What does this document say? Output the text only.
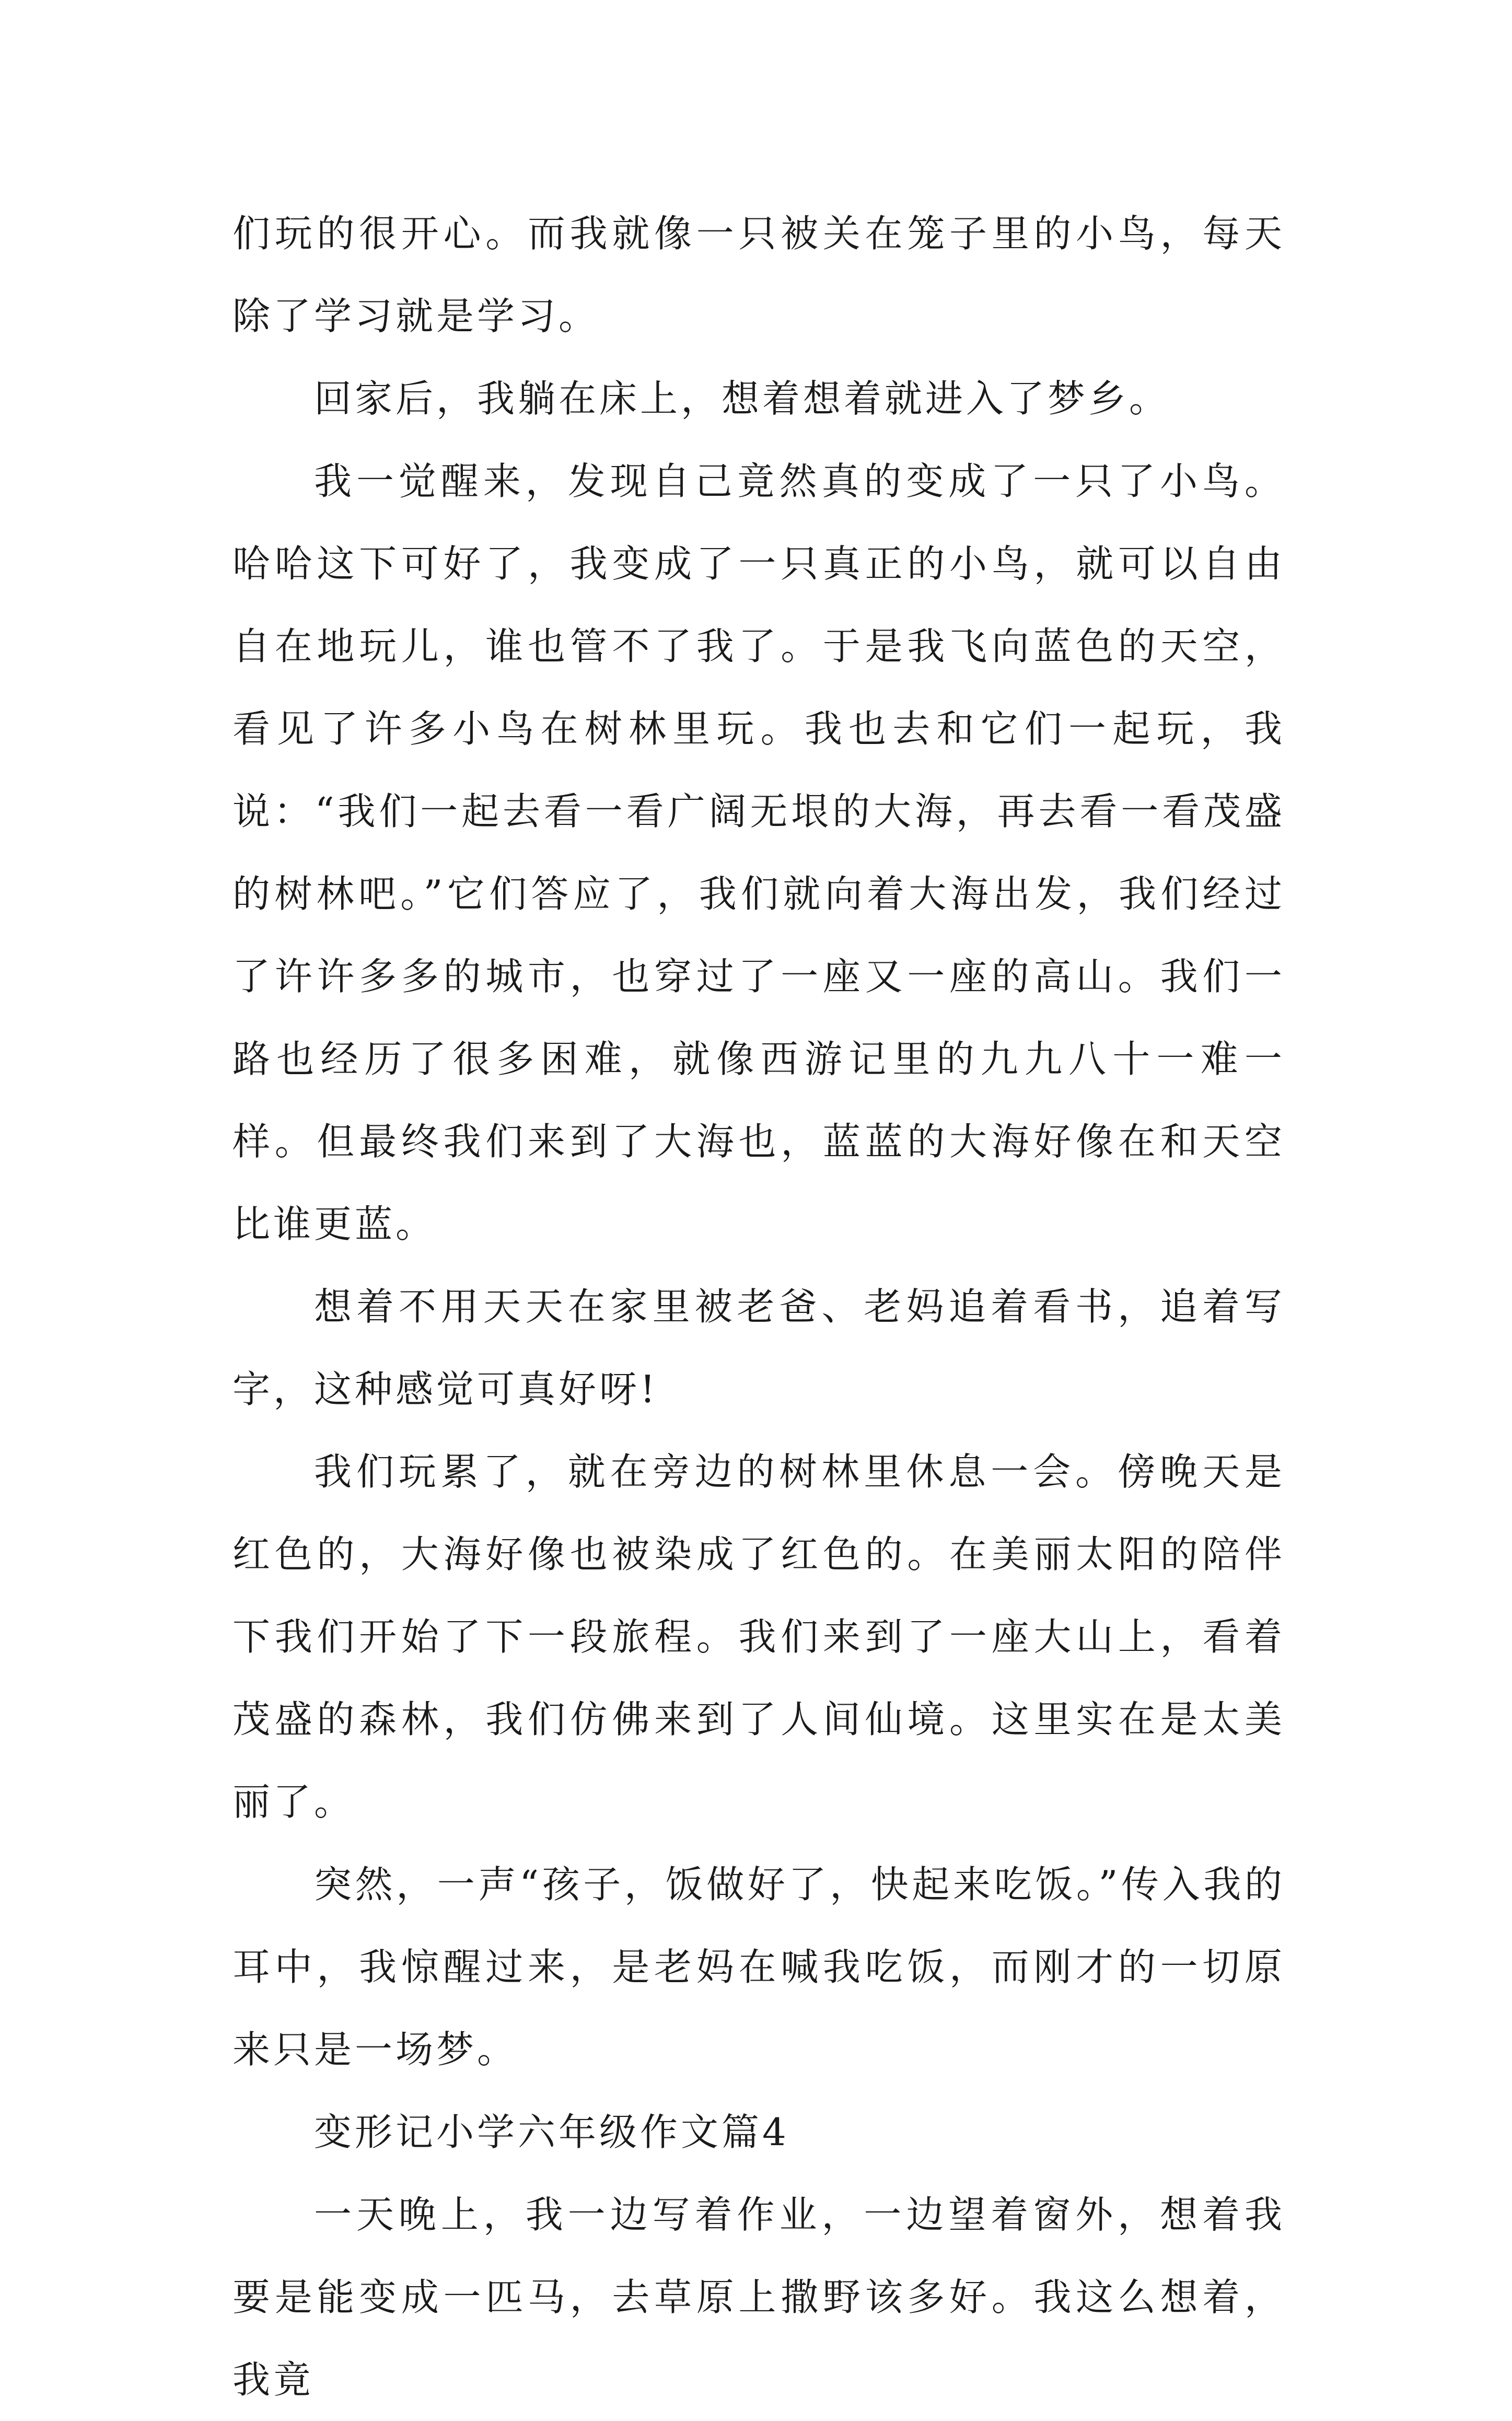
们玩的很开心。而我就像一只被关在笼子里的小鸟，每天除了学习就是学习。

回家后，我躺在床上，想着想着就进入了梦乡。

我一觉醒来，发现自己竟然真的变成了一只了小鸟。哈哈这下可好了，我变成了一只真正的小鸟，就可以自由自在地玩儿，谁也管不了我了。于是我飞向蓝色的天空，看见了许多小鸟在树林里玩。我也去和它们一起玩，我说：“我们一起去看一看广阔无垠的大海，再去看一看茂盛的树林吧。”它们答应了，我们就向着大海出发，我们经过了许许多多的城市，也穿过了一座又一座的高山。我们一路也经历了很多困难，就像西游记里的九九八十一难一样。但最终我们来到了大海也，蓝蓝的大海好像在和天空比谁更蓝。

想着不用天天在家里被老爸、老妈追着看书，追着写字，这种感觉可真好呀!

我们玩累了，就在旁边的树林里休息一会。傍晚天是红色的，大海好像也被染成了红色的。在美丽太阳的陪伴下我们开始了下一段旅程。我们来到了一座大山上，看着茂盛的森林，我们仿佛来到了人间仙境。这里实在是太美丽了。

突然，一声“孩子，饭做好了，快起来吃饭。”传入我的耳中，我惊醒过来，是老妈在喊我吃饭，而刚才的一切原来只是一场梦。

变形记小学六年级作文篇4

一天晚上，我一边写着作业，一边望着窗外，想着我要是能变成一匹马，去草原上撒野该多好。我这么想着，我竟
